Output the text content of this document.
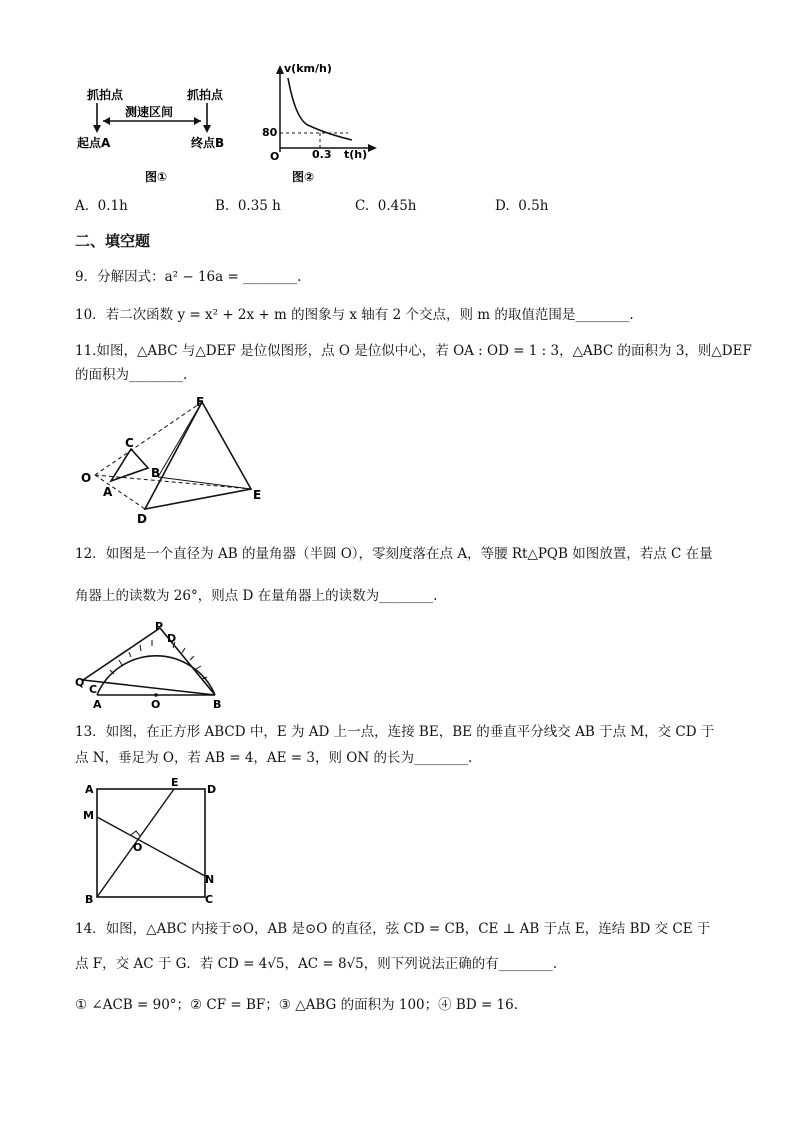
抓拍点	抓拍点
测速区间
起点A	终点B
图①
v(km/h)
t(h)
O
80
0.3
图②
A. 0.1h	B. 0.35 h	C. 0.45h	D. 0.5h
二、填空题
9．分解因式：a² − 16a = ________.
10．若二次函数 y = x² + 2x + m 的图象与 x 轴有 2 个交点，则 m 的取值范围是________.
11.如图，△ABC 与△DEF 是位似图形，点 O 是位似中心，若 OA : OD = 1 : 3，△ABC 的面积为 3，则△DEF
的面积为________.
F
C
B
O
A	E
D
12．如图是一个直径为 AB 的量角器（半圆 O），零刻度落在点 A，等腰 Rt△PQB 如图放置，若点 C 在量
角器上的读数为 26°，则点 D 在量角器上的读数为________.
P
D
Q
C
A	O	B
13．如图，在正方形 ABCD 中，E 为 AD 上一点，连接 BE，BE 的垂直平分线交 AB 于点 M，交 CD 于
点 N，垂足为 O，若 AB = 4，AE = 3，则 ON 的长为________.
A
E
D
M
O
N
B	C
14．如图，△ABC 内接于⊙O，AB 是⊙O 的直径，弦 CD = CB，CE ⊥ AB 于点 E，连结 BD 交 CE 于
点 F，交 AC 于 G．若 CD = 4√5，AC = 8√5，则下列说法正确的有________.
① ∠ACB = 90°；② CF = BF；③ △ABG 的面积为 100；④ BD = 16.
